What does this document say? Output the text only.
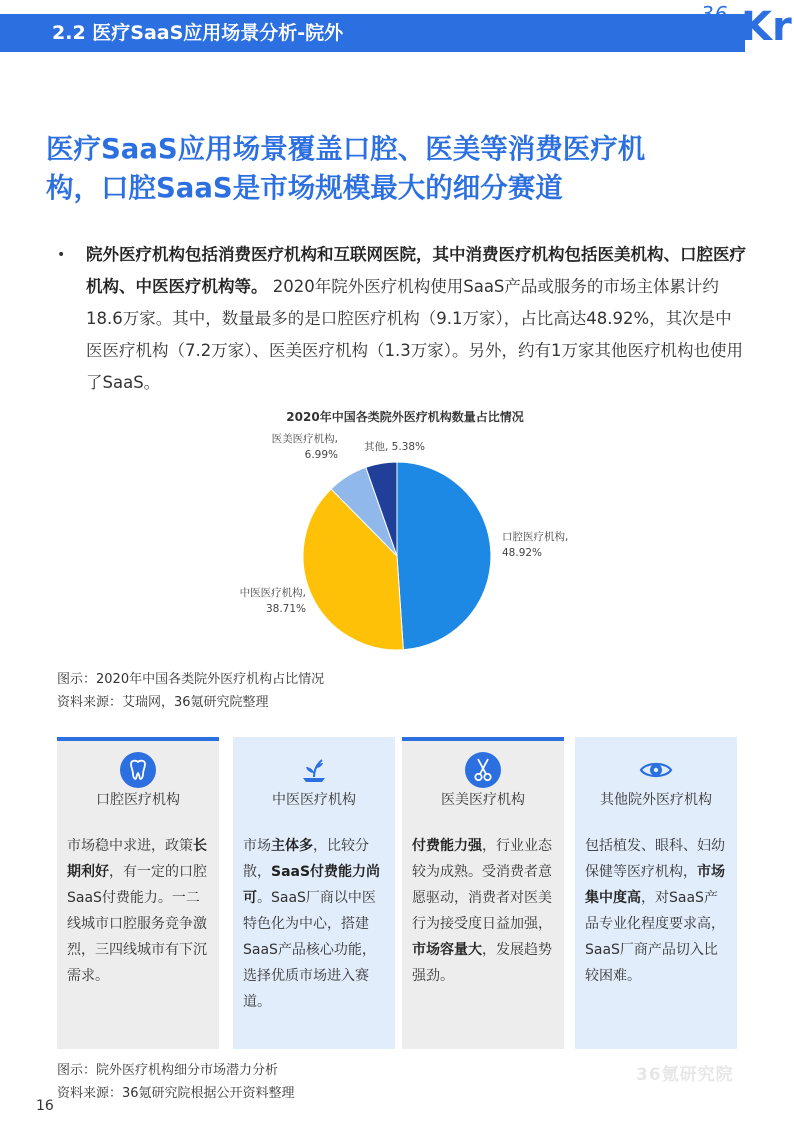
2.2 医疗SaaS应用场景分析-院外
36 Kr
医疗SaaS应用场景覆盖口腔、医美等消费医疗机
构，口腔SaaS是市场规模最大的细分赛道
• 院外医疗机构包括消费医疗机构和互联网医院，其中消费医疗机构包括医美机构、口腔医疗机构、中医医疗机构等。 2020年院外医疗机构使用SaaS产品或服务的市场主体累计约18.6万家。其中，数量最多的是口腔医疗机构（9.1万家），占比高达48.92%，其次是中医医疗机构（7.2万家）、医美医疗机构（1.3万家）。另外，约有1万家其他医疗机构也使用了SaaS。
2020年中国各类院外医疗机构数量占比情况
口腔医疗机构, 48.92%
中医医疗机构, 38.71%
医美医疗机构, 6.99%
其他, 5.38%
图示：2020年中国各类院外医疗机构占比情况
资料来源：艾瑞网，36氪研究院整理
口腔医疗机构
市场稳中求进，政策长期利好，有一定的口腔SaaS付费能力。一二线城市口腔服务竞争激烈，三四线城市有下沉需求。
中医医疗机构
市场主体多，比较分散，SaaS付费能力尚可。SaaS厂商以中医特色化为中心，搭建SaaS产品核心功能，选择优质市场进入赛道。
医美医疗机构
付费能力强，行业业态较为成熟。受消费者意愿驱动，消费者对医美行为接受度日益加强，市场容量大，发展趋势强劲。
其他院外医疗机构
包括植发、眼科、妇幼保健等医疗机构，市场集中度高，对SaaS产品专业化程度要求高，SaaS厂商产品切入比较困难。
图示：院外医疗机构细分市场潜力分析
资料来源：36氪研究院根据公开资料整理
36氪研究院
16
